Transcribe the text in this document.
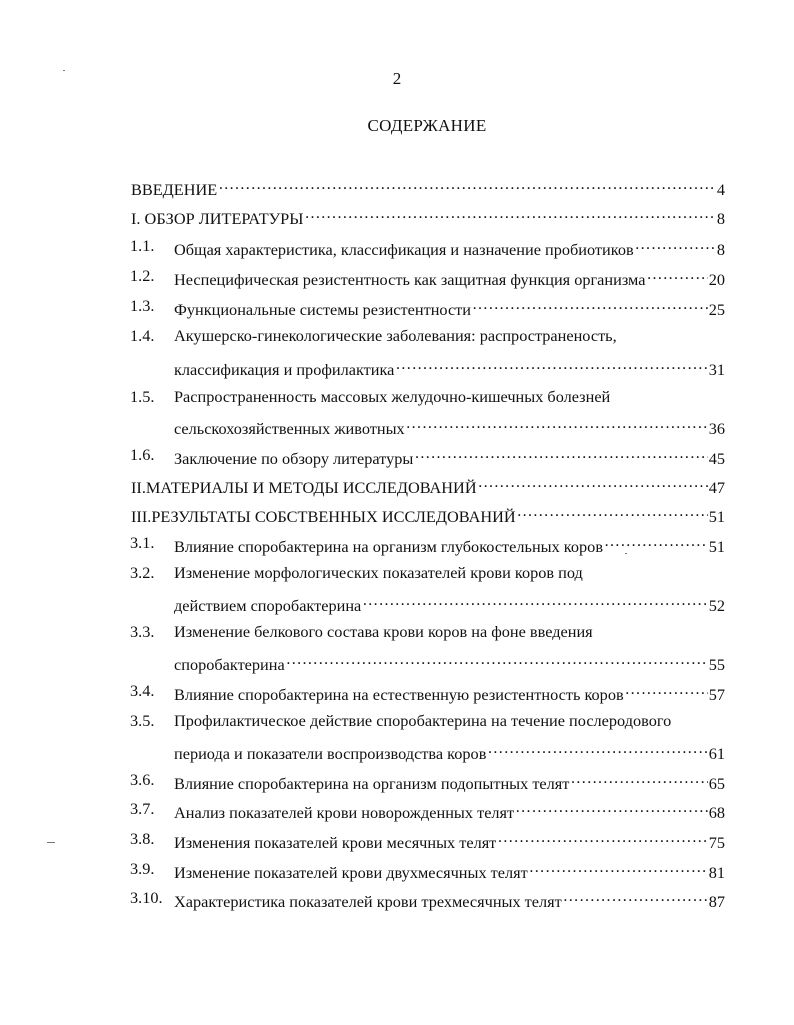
2
СОДЕРЖАНИЕ
ВВЕДЕНИЕ ……………………………………………………………………………………………………………………………………	4
I. ОБЗОР ЛИТЕРАТУРЫ ……………………………………………………………………………………………………………………………………	8
1.1.	Общая характеристика, классификация и назначение пробиотиков ……………………………………………………………………………………………………………………………………	8
1.2.	Неспецифическая резистентность как защитная функция организма ……………………………………………………………………………………………………………………………………	20
1.3.	Функциональные системы резистентности ……………………………………………………………………………………………………………………………………	25
1.4.	Акушерско-гинекологические заболевания: распространеность,
классификация и профилактика ……………………………………………………………………………………………………………………………………	31
1.5.	Распространенность массовых желудочно-кишечных болезней
сельскохозяйственных животных ……………………………………………………………………………………………………………………………………	36
1.6.	Заключение по обзору литературы ……………………………………………………………………………………………………………………………………	45
II.МАТЕРИАЛЫ И МЕТОДЫ ИССЛЕДОВАНИЙ ……………………………………………………………………………………………………………………………………	47
III.РЕЗУЛЬТАТЫ СОБСТВЕННЫХ ИССЛЕДОВАНИЙ ……………………………………………………………………………………………………………………………………	51
3.1.	Влияние споробактерина на организм глубокостельных коров ……………………………………………………………………………………………………………………………………	51
3.2.	Изменение морфологических показателей крови коров под
действием споробактерина ……………………………………………………………………………………………………………………………………	52
3.3.	Изменение белкового состава крови коров на фоне введения
споробактерина ……………………………………………………………………………………………………………………………………	55
3.4.	Влияние споробактерина на естественную резистентность коров ……………………………………………………………………………………………………………………………………	57
3.5.	Профилактическое действие споробактерина на течение послеродового
периода и показатели воспроизводства коров ……………………………………………………………………………………………………………………………………	61
3.6.	Влияние споробактерина на организм подопытных телят ……………………………………………………………………………………………………………………………………	65
3.7.	Анализ показателей крови новорожденных телят ……………………………………………………………………………………………………………………………………	68
3.8.	Изменения показателей крови месячных телят ……………………………………………………………………………………………………………………………………	75
3.9.	Изменение показателей крови двухмесячных телят ……………………………………………………………………………………………………………………………………	81
3.10. Характеристика показателей крови трехмесячных телят ……………………………………………………………………………………………………………………………………	87
